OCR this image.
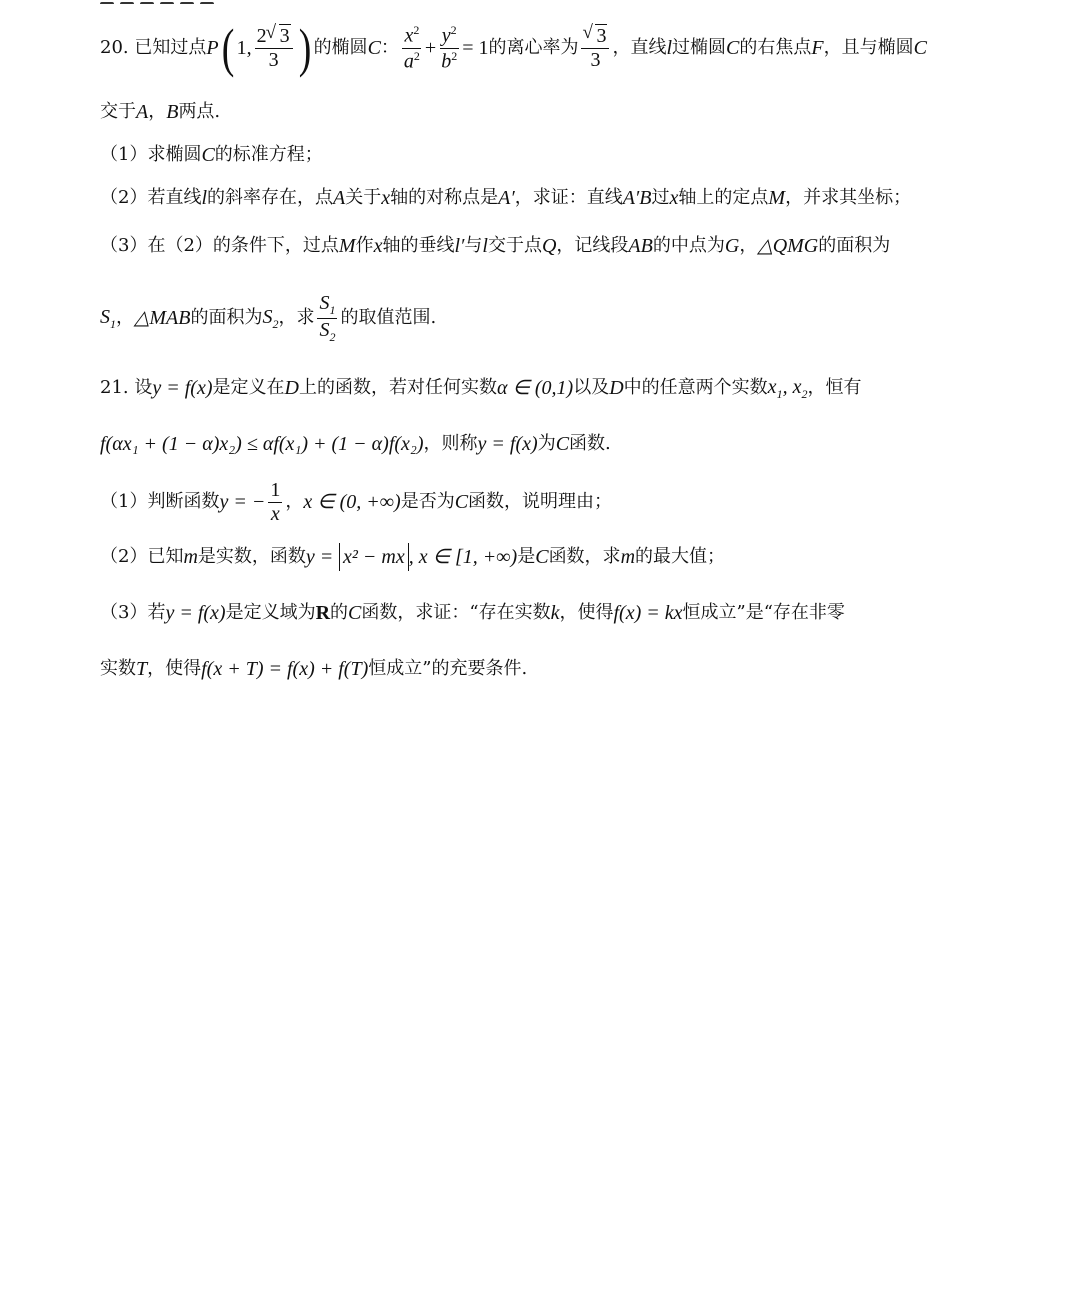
20.
已知过点 P ( 1, $\frac{2 √ 3}{3}$ ) 的椭圆 C ： $\frac{x^2}{a^2} + \frac{y^2}{b^2} = 1$ 的离心率为 √ $\frac{3}{3}$ ，直线 l 过椭圆 C 的右焦点 F ，且与椭圆 C
交于 A ， B 两点.
（1） 求椭圆 C 的标准方程；
（2） 若直线 l 的斜率存在，点 A 关于 x 轴的对称点是 A′ ，求证：直线 A′B 过 x 轴上的定点 M ，并求其坐标；
（3） 在（2）的条件下，过点 M 作 x 轴的垂线 l′ 与 l 交于点 Q ，记线段 AB 的中点为 G ， △QMG 的面积为
$S_1$ ， △MAB 的面积为 $S_2$ ，求 $\frac{S_1}{S_2}$ 的取值范围.
21.
设 y = f(x) 是定义在 D 上的函数，若对任何实数 α ∈ (0,1) 以及 D 中的任意两个实数 $x_1$, $x_2$ ，恒有
f(αx₁ + (1 − α)x₂) ≤ αf(x₁) + (1 − α)f(x₂) ，则称 y = f(x) 为 C 函数.
（1） 判断函数 y = − $\frac{1}{x}$ ， x ∈ (0, +∞) 是否为 C 函数，说明理由；
（2） 已知 m 是实数，函数 y =
x² − mx , x ∈ [1, +∞) 是 C 函数，求 m 的最大值；
（3） 若 y = f(x) 是定义域为 R 的 C 函数，求证：“存在实数 k ，使得 f(x) = kx 恒成立”是“存在非零
实数 T ，使得 f(x + T) = f(x) + f(T) 恒成立”的充要条件.
